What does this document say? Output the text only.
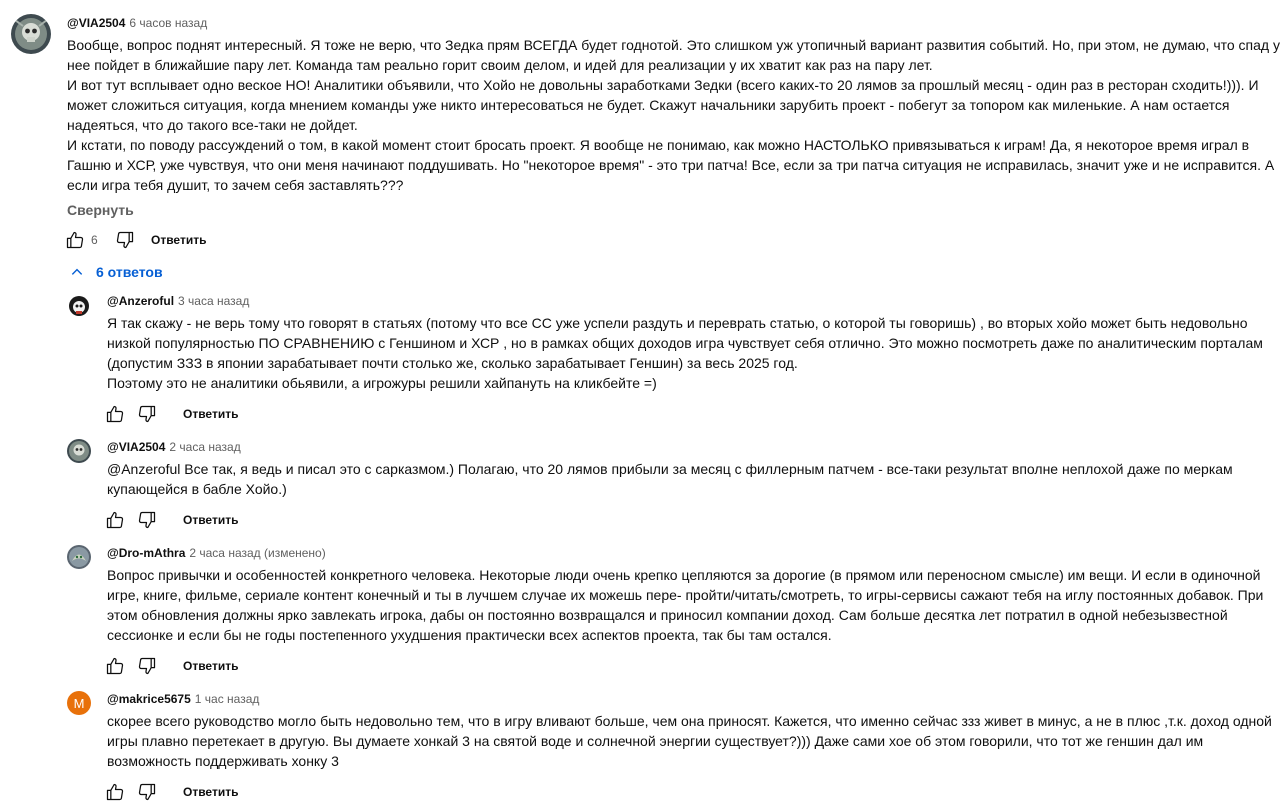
@VIA2504 6 часов назад
Вообще, вопрос поднят интересный. Я тоже не верю, что Зедка прям ВСЕГДА будет годнотой. Это слишком уж утопичный вариант развития событий. Но, при этом, не думаю, что спад у нее пойдет в ближайшие пару лет. Команда там реально горит своим делом, и идей для реализации у их хватит как раз на пару лет.
И вот тут всплывает одно веское НО! Аналитики объявили, что Хойо не довольны заработками Зедки (всего каких-то 20 лямов за прошлый месяц - один раз в ресторан сходить!))). И может сложиться ситуация, когда мнением команды уже никто интересоваться не будет. Скажут начальники зарубить проект - побегут за топором как миленькие. А нам остается надеяться, что до такого все-таки не дойдет.
И кстати, по поводу рассуждений о том, в какой момент стоит бросать проект. Я вообще не понимаю, как можно НАСТОЛЬКО привязываться к играм! Да, я некоторое время играл в Гашню и ХСР, уже чувствуя, что они меня начинают поддушивать. Но "некоторое время" - это три патча! Все, если за три патча ситуация не исправилась, значит уже и не исправится. А если игра тебя душит, то зачем себя заставлять???
Свернуть
6	Ответить
6 ответов
@Anzeroful 3 часа назад
Я так скажу - не верь тому что говорят в статьях (потому что все СС уже успели раздуть и переврать статью, о которой ты говоришь) , во вторых хойо может быть недовольно низкой популярностью ПО СРАВНЕНИЮ с Геншином и ХСР , но в рамках общих доходов игра чувствует себя отлично. Это можно посмотреть даже по аналитическим порталам (допустим ЗЗЗ в японии зарабатывает почти столько же, сколько зарабатывает Геншин) за весь 2025 год.
Поэтому это не аналитики обьявили, а игрожуры решили хайпануть на кликбейте =)
Ответить
@VIA2504 2 часа назад
@Anzeroful Все так, я ведь и писал это с сарказмом.) Полагаю, что 20 лямов прибыли за месяц с филлерным патчем - все-таки результат вполне неплохой даже по меркам купающейся в бабле Хойо.)
Ответить
@Dro-mAthra 2 часа назад (изменено)
Вопрос привычки и особенностей конкретного человека. Некоторые люди очень крепко цепляются за дорогие (в прямом или переносном смысле) им вещи. И если в одиночной игре, книге, фильме, сериале контент конечный и ты в лучшем случае их можешь пере- пройти/читать/смотреть, то игры-сервисы сажают тебя на иглу постоянных добавок. При этом обновления должны ярко завлекать игрока, дабы он постоянно возвращался и приносил компании доход. Сам больше десятка лет потратил в одной небезызвестной сессионке и если бы не годы постепенного ухудшения практически всех аспектов проекта, так бы там остался.
Ответить
M @makrice5675 1 час назад
скорее всего руководство могло быть недовольно тем, что в игру вливают больше, чем она приносят. Кажется, что именно сейчас ззз живет в минус, а не в плюс ,т.к. доход одной игры плавно перетекает в другую. Вы думаете хонкай 3 на святой воде и солнечной энергии существует?))) Даже сами хое об этом говорили, что тот же геншин дал им возможность поддерживать хонку 3
Ответить
